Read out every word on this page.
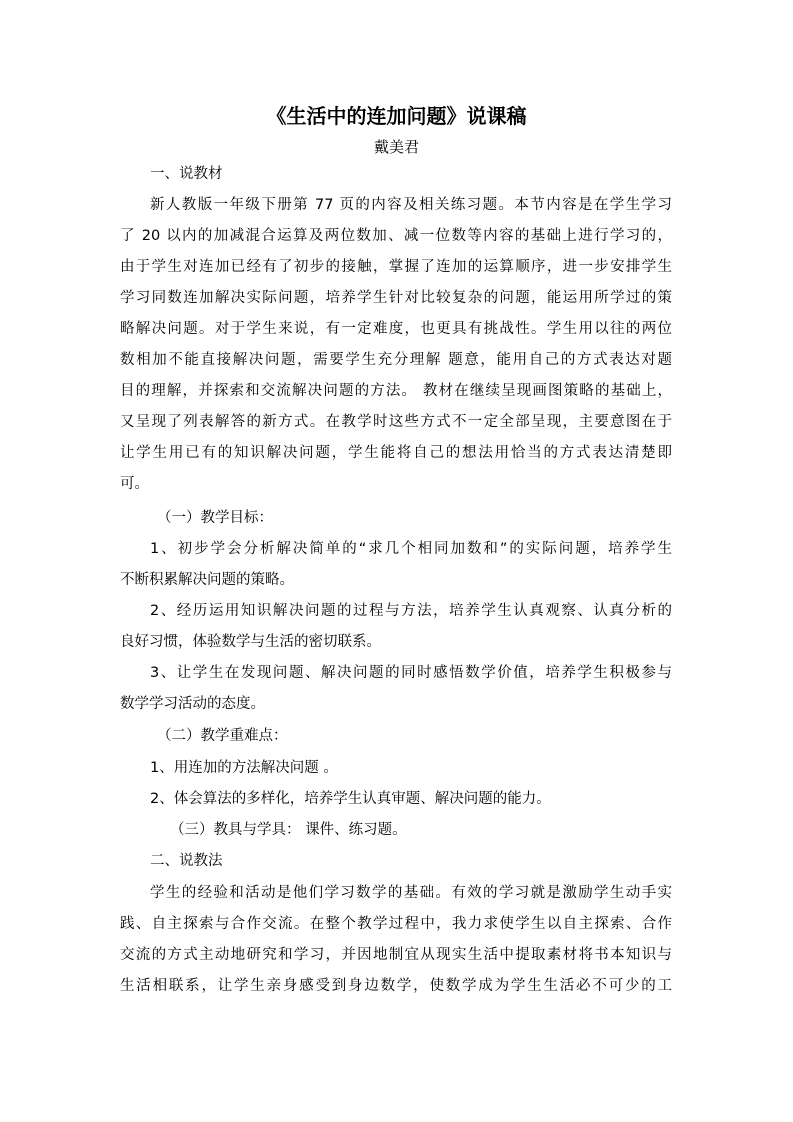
《生活中的连加问题》说课稿
戴美君
一、说教材
新人教版一年级下册第 77 页的内容及相关练习题。本节内容是在学生学习
了 20 以内的加减混合运算及两位数加、减一位数等内容的基础上进行学习的，
由于学生对连加已经有了初步的接触，掌握了连加的运算顺序，进一步安排学生
学习同数连加解决实际问题，培养学生针对比较复杂的问题，能运用所学过的策
略解决问题。对于学生来说，有一定难度，也更具有挑战性。学生用以往的两位
数相加不能直接解决问题，需要学生充分理解 题意，能用自己的方式表达对题
目的理解，并探索和交流解决问题的方法。 教材在继续呈现画图策略的基础上，
又呈现了列表解答的新方式。在教学时这些方式不一定全部呈现，主要意图在于
让学生用已有的知识解决问题，学生能将自己的想法用恰当的方式表达清楚即
可。
（一）教学目标：
1、初步学会分析解决简单的“求几个相同加数和”的实际问题，培养学生
不断积累解决问题的策略。
2、经历运用知识解决问题的过程与方法，培养学生认真观察、认真分析的
良好习惯，体验数学与生活的密切联系。
3、让学生在发现问题、解决问题的同时感悟数学价值，培养学生积极参与
数学学习活动的态度。
（二）教学重难点：
1、用连加的方法解决问题 。
2、体会算法的多样化，培养学生认真审题、解决问题的能力。
（三）教具与学具： 课件、练习题。
二、说教法
学生的经验和活动是他们学习数学的基础。有效的学习就是激励学生动手实
践、自主探索与合作交流。在整个教学过程中，我力求使学生以自主探索、合作
交流的方式主动地研究和学习，并因地制宜从现实生活中提取素材将书本知识与
生活相联系，让学生亲身感受到身边数学，使数学成为学生生活必不可少的工
